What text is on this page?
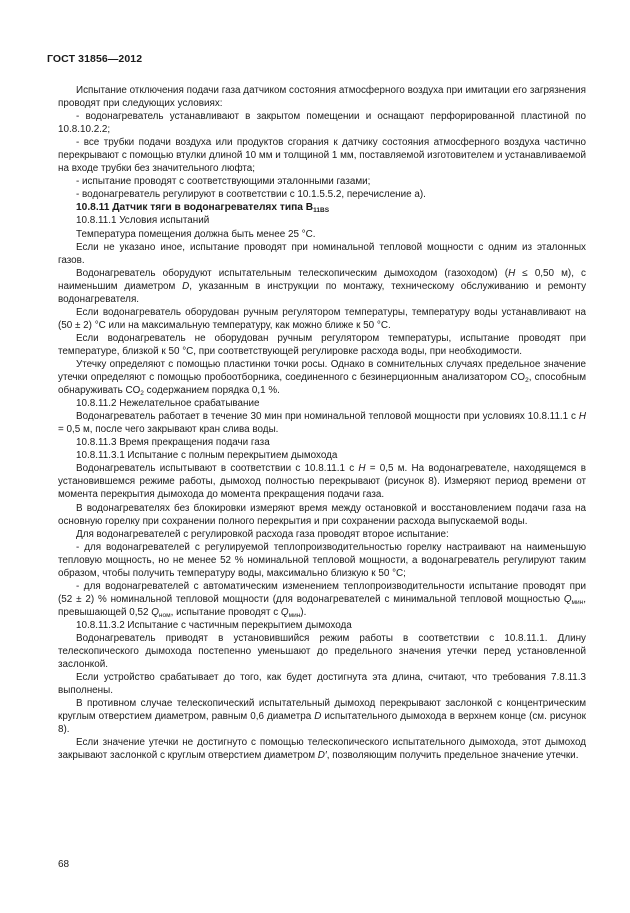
ГОСТ 31856—2012

Испытание отключения подачи газа датчиком состояния атмосферного воздуха при имитации его загрязнения проводят при следующих условиях:

- водонагреватель устанавливают в закрытом помещении и оснащают перфорированной пластиной по 10.8.10.2.2;

- все трубки подачи воздуха или продуктов сгорания к датчику состояния атмосферного воздуха частично перекрывают с помощью втулки длиной 10 мм и толщиной 1 мм, поставляемой изготовителем и устанавливаемой на входе трубки без значительного люфта;

- испытание проводят с соответствующими эталонными газами;

- водонагреватель регулируют в соответствии с 10.1.5.5.2, перечисление а).

10.8.11 Датчик тяги в водонагревателях типа $B_{11BS}$

10.8.11.1 Условия испытаний

Температура помещения должна быть менее 25 °С.

Если не указано иное, испытание проводят при номинальной тепловой мощности с одним из эталонных газов.

Водонагреватель оборудуют испытательным телескопическим дымоходом (газоходом) (H ≤ 0,50 м), с наименьшим диаметром D, указанным в инструкции по монтажу, техническому обслуживанию и ремонту водонагревателя.

Если водонагреватель оборудован ручным регулятором температуры, температуру воды устанавливают на (50 ± 2) °С или на максимальную температуру, как можно ближе к 50 °С.

Если водонагреватель не оборудован ручным регулятором температуры, испытание проводят при температуре, близкой к 50 °С, при соответствующей регулировке расхода воды, при необходимости.

Утечку определяют с помощью пластинки точки росы. Однако в сомнительных случаях предельное значение утечки определяют с помощью пробоотборника, соединенного с безинерционным анализатором $CO_2$, способным обнаруживать $CO_2$ содержанием порядка 0,1 %.

10.8.11.2 Нежелательное срабатывание

Водонагреватель работает в течение 30 мин при номинальной тепловой мощности при условиях 10.8.11.1 с H = 0,5 м, после чего закрывают кран слива воды.

10.8.11.3 Время прекращения подачи газа

10.8.11.3.1 Испытание с полным перекрытием дымохода

Водонагреватель испытывают в соответствии с 10.8.11.1 с H = 0,5 м. На водонагревателе, находящемся в установившемся режиме работы, дымоход полностью перекрывают (рисунок 8). Измеряют период времени от момента перекрытия дымохода до момента прекращения подачи газа.

В водонагревателях без блокировки измеряют время между остановкой и восстановлением подачи газа на основную горелку при сохранении полного перекрытия и при сохранении расхода выпускаемой воды.

Для водонагревателей с регулировкой расхода газа проводят второе испытание:

- для водонагревателей с регулируемой теплопроизводительностью горелку настраивают на наименьшую тепловую мощность, но не менее 52 % номинальной тепловой мощности, а водонагреватель регулируют таким образом, чтобы получить температуру воды, максимально близкую к 50 °С;

- для водонагревателей с автоматическим изменением теплопроизводительности испытание проводят при (52 ± 2) % номинальной тепловой мощности (для водонагревателей с минимальной тепловой мощностью $Q_{мин}$, превышающей 0,52 $Q_{ном}$, испытание проводят с $Q_{мин}$).

10.8.11.3.2 Испытание с частичным перекрытием дымохода

Водонагреватель приводят в установившийся режим работы в соответствии с 10.8.11.1. Длину телескопического дымохода постепенно уменьшают до предельного значения утечки перед установленной заслонкой.

Если устройство срабатывает до того, как будет достигнута эта длина, считают, что требования 7.8.11.3 выполнены.

В противном случае телескопический испытательный дымоход перекрывают заслонкой с концентрическим круглым отверстием диаметром, равным 0,6 диаметра D испытательного дымохода в верхнем конце (см. рисунок 8).

Если значение утечки не достигнуто с помощью телескопического испытательного дымохода, этот дымоход закрывают заслонкой с круглым отверстием диаметром D′, позволяющим получить предельное значение утечки.

68
